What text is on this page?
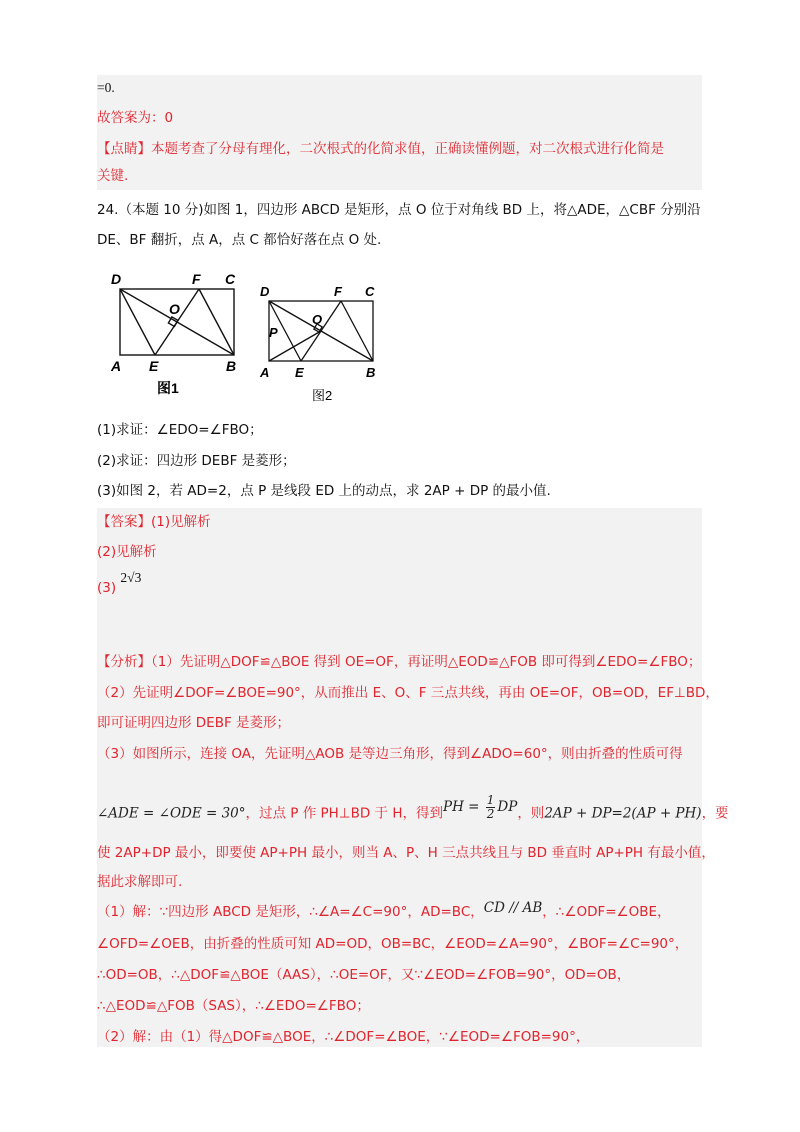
=0.
故答案为：0
【点睛】本题考查了分母有理化，二次根式的化简求值，正确读懂例题，对二次根式进行化简是
关键.
24.（本题 10 分)如图 1，四边形 ABCD 是矩形，点 O 位于对角线 BD 上，将△ADE，△CBF 分别沿
DE、BF 翻折，点 A，点 C 都恰好落在点 O 处.
D	F C
O
A E	B
图1
D	F C
O
P
A E	B
图2
(1)求证：∠EDO=∠FBO；
(2)求证：四边形 DEBF 是菱形；
(3)如图 2，若 AD=2，点 P 是线段 ED 上的动点，求 2AP + DP 的最小值.
【答案】(1)见解析
(2)见解析
(3) 2√3
【分析】（1）先证明△DOF≌△BOE 得到 OE=OF，再证明△EOD≌△FOB 即可得到∠EDO=∠FBO；
（2）先证明∠DOF=∠BOE=90°，从而推出 E、O、F 三点共线，再由 OE=OF，OB=OD，EF⊥BD，
即可证明四边形 DEBF 是菱形；
（3）如图所示，连接 OA，先证明△AOB 是等边三角形，得到∠ADO=60°，则由折叠的性质可得
∠ADE = ∠ODE = 30°，过点 P 作 PH⊥BD 于 H，得到PH = $\frac{1}{2}$ DP，则2AP + DP=2(AP + PH)，要
使 2AP+DP 最小，即要使 AP+PH 最小，则当 A、P、H 三点共线且与 BD 垂直时 AP+PH 有最小值，
据此求解即可.
（1）解：∵四边形 ABCD 是矩形，∴∠A=∠C=90°，AD=BC，CD // AB，∴∠ODF=∠OBE，
∠OFD=∠OEB，由折叠的性质可知 AD=OD，OB=BC，∠EOD=∠A=90°，∠BOF=∠C=90°，
∴OD=OB，∴△DOF≌△BOE（AAS），∴OE=OF，又∵∠EOD=∠FOB=90°，OD=OB，
∴△EOD≌△FOB（SAS），∴∠EDO=∠FBO；
（2）解：由（1）得△DOF≌△BOE，∴∠DOF=∠BOE，∵∠EOD=∠FOB=90°，
